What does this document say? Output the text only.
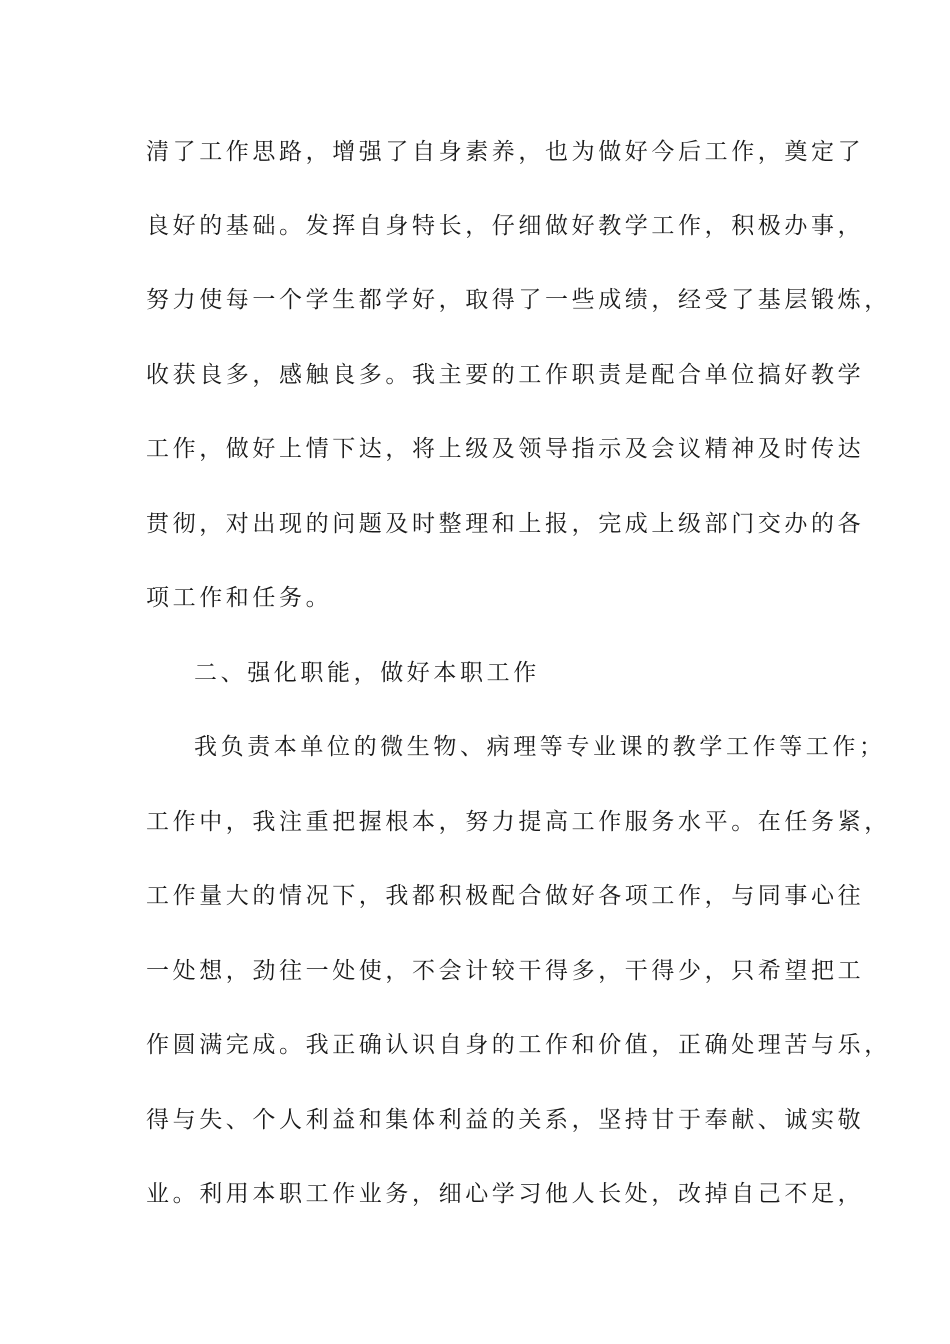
清了工作思路，增强了自身素养，也为做好今后工作，奠定了
良好的基础。发挥自身特长，仔细做好教学工作，积极办事，
努力使每一个学生都学好，取得了一些成绩，经受了基层锻炼，
收获良多，感触良多。我主要的工作职责是配合单位搞好教学
工作，做好上情下达，将上级及领导指示及会议精神及时传达
贯彻，对出现的问题及时整理和上报，完成上级部门交办的各
项工作和任务。
二、强化职能，做好本职工作
我负责本单位的微生物、病理等专业课的教学工作等工作；
工作中，我注重把握根本，努力提高工作服务水平。在任务紧，
工作量大的情况下，我都积极配合做好各项工作，与同事心往
一处想，劲往一处使，不会计较干得多，干得少，只希望把工
作圆满完成。我正确认识自身的工作和价值，正确处理苦与乐，
得与失、个人利益和集体利益的关系，坚持甘于奉献、诚实敬
业。利用本职工作业务，细心学习他人长处，改掉自己不足，
